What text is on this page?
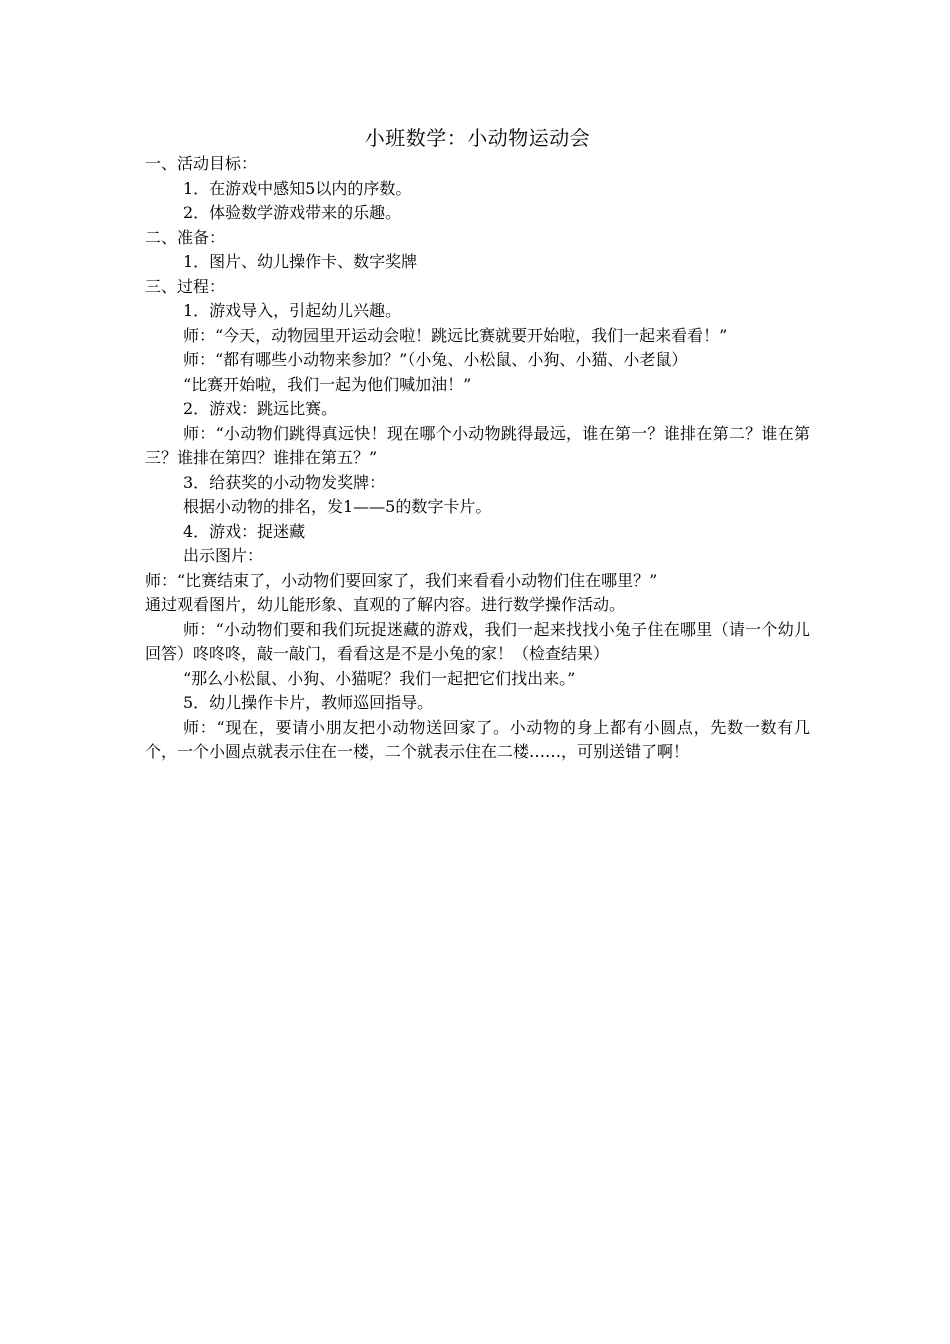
小班数学：小动物运动会

一、活动目标：

1．在游戏中感知5以内的序数。

2．体验数学游戏带来的乐趣。

二、准备：

1．图片、幼儿操作卡、数字奖牌

三、过程：

1．游戏导入，引起幼儿兴趣。

师：“今天，动物园里开运动会啦！跳远比赛就要开始啦，我们一起来看看！”

师：“都有哪些小动物来参加？”（小兔、小松鼠、小狗、小猫、小老鼠）

“比赛开始啦，我们一起为他们喊加油！”

2．游戏：跳远比赛。

师：“小动物们跳得真远快！现在哪个小动物跳得最远，谁在第一？谁排在第二？谁在第三？谁排在第四？谁排在第五？”

3．给获奖的小动物发奖牌：

根据小动物的排名，发1——5的数字卡片。

4．游戏：捉迷藏

出示图片：

师：“比赛结束了，小动物们要回家了，我们来看看小动物们住在哪里？”

通过观看图片，幼儿能形象、直观的了解内容。进行数学操作活动。

师：“小动物们要和我们玩捉迷藏的游戏，我们一起来找找小兔子住在哪里（请一个幼儿回答）咚咚咚，敲一敲门，看看这是不是小兔的家！（检查结果）

“那么小松鼠、小狗、小猫呢？我们一起把它们找出来。”

5．幼儿操作卡片，教师巡回指导。

师：“现在，要请小朋友把小动物送回家了。小动物的身上都有小圆点，先数一数有几个，一个小圆点就表示住在一楼，二个就表示住在二楼……，可别送错了啊！
